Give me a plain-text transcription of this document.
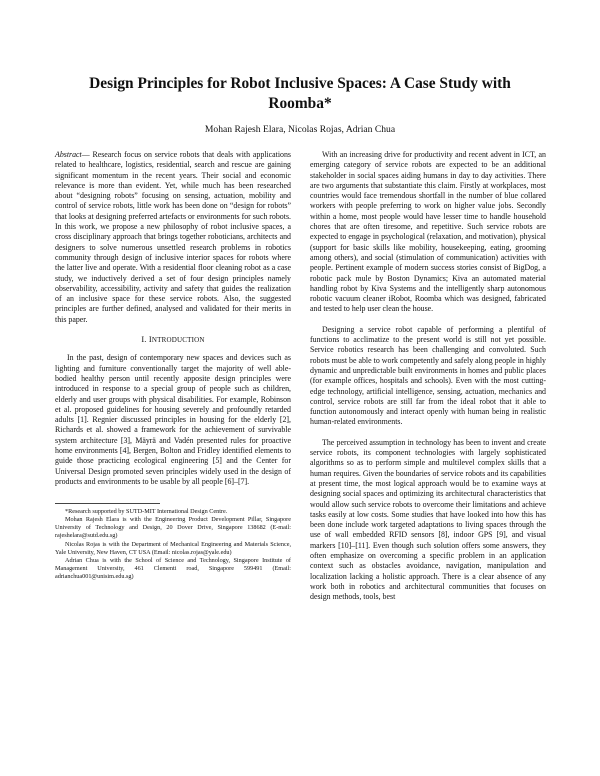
Design Principles for Robot Inclusive Spaces: A Case Study with Roomba*
Mohan Rajesh Elara, Nicolas Rojas, Adrian Chua

Abstract— Research focus on service robots that deals with applications related to healthcare, logistics, residential, search and rescue are gaining significant momentum in the recent years. Their social and economic relevance is more than evident. Yet, while much has been researched about “designing robots” focusing on sensing, actuation, mobility and control of service robots, little work has been done on “design for robots” that looks at designing preferred artefacts or environments for such robots. In this work, we propose a new philosophy of robot inclusive spaces, a cross disciplinary approach that brings together roboticians, architects and designers to solve numerous unsettled research problems in robotics community through design of inclusive interior spaces for robots where the latter live and operate. With a residential floor cleaning robot as a case study, we inductively derived a set of four design principles namely observability, accessibility, activity and safety that guides the realization of an inclusive space for these service robots. Also, the suggested principles are further defined, analysed and validated for their merits in this paper.

I. INTRODUCTION

In the past, design of contemporary new spaces and devices such as lighting and furniture conventionally target the majority of well able-bodied healthy person until recently apposite design principles were introduced in response to a special group of people such as children, elderly and user groups with physical disabilities. For example, Robinson et al. proposed guidelines for housing severely and profoundly retarded adults [1]. Regnier discussed principles in housing for the elderly [2], Richards et al. showed a framework for the achievement of survivable system architecture [3], Mäyrä and Vadén presented rules for proactive home environments [4], Bergen, Bolton and Fridley identified elements to guide those practicing ecological engineering [5] and the Center for Universal Design promoted seven principles widely used in the design of products and environments to be usable by all people [6]–[7].

*Research supported by SUTD-MIT International Design Centre.

Mohan Rajesh Elara is with the Engineering Product Development Pillar, Singapore University of Technology and Design, 20 Dover Drive, Singapore 138682 (E-mail: rajeshelara@sutd.edu.sg)

Nicolas Rojas is with the Department of Mechanical Engineering and Materials Science, Yale University, New Haven, CT USA (Email: nicolas.rojas@yale.edu)

Adrian Chua is with the School of Science and Technology, Singapore Institute of Management University, 461 Clementi road, Singapore 599491 (Email: adrianchua001@unisim.edu.sg)

With an increasing drive for productivity and recent advent in ICT, an emerging category of service robots are expected to be an additional stakeholder in social spaces aiding humans in day to day activities. There are two arguments that substantiate this claim. Firstly at workplaces, most countries would face tremendous shortfall in the number of blue collared workers with people preferring to work on higher value jobs. Secondly within a home, most people would have lesser time to handle household chores that are often tiresome, and repetitive. Such service robots are expected to engage in psychological (relaxation, and motivation), physical (support for basic skills like mobility, housekeeping, eating, grooming among others), and social (stimulation of communication) activities with people. Pertinent example of modern success stories consist of BigDog, a robotic pack mule by Boston Dynamics; Kiva an automated material handling robot by Kiva Systems and the intelligently sharp autonomous robotic vacuum cleaner iRobot, Roomba which was designed, fabricated and tested to help user clean the house.

Designing a service robot capable of performing a plentiful of functions to acclimatize to the present world is still not yet possible. Service robotics research has been challenging and convoluted. Such robots must be able to work competently and safely along people in highly dynamic and unpredictable built environments in homes and public places (for example offices, hospitals and schools). Even with the most cutting-edge technology, artificial intelligence, sensing, actuation, mechanics and control, service robots are still far from the ideal robot that it able to function autonomously and interact openly with human being in realistic human-related environments.

The perceived assumption in technology has been to invent and create service robots, its component technologies with largely sophisticated algorithms so as to perform simple and multilevel complex skills that a human requires. Given the boundaries of service robots and its capabilities at present time, the most logical approach would be to examine ways at designing social spaces and optimizing its architectural characteristics that would allow such service robots to overcome their limitations and achieve tasks easily at low costs. Some studies that have looked into how this has been done include work targeted adaptations to living spaces through the use of wall embedded RFID sensors [8], indoor GPS [9], and visual markers [10]–[11]. Even though such solution offers some answers, they often emphasize on overcoming a specific problem in an application context such as obstacles avoidance, navigation, manipulation and localization lacking a holistic approach. There is a clear absence of any work both in robotics and architectural communities that focuses on design methods, tools, best
